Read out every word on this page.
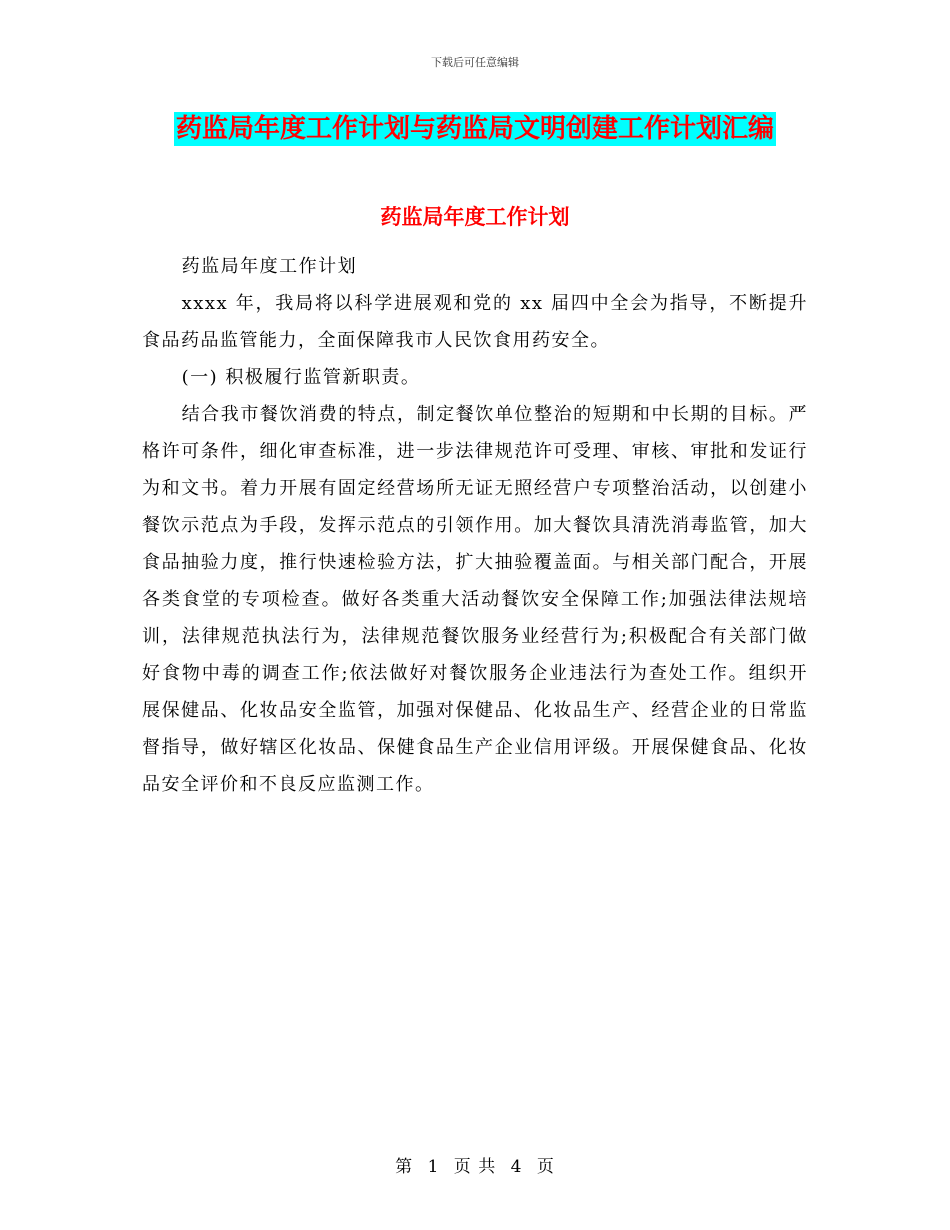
下载后可任意编辑
药监局年度工作计划与药监局文明创建工作计划汇编
药监局年度工作计划

药监局年度工作计划

xxxx 年，我局将以科学进展观和党的 xx 届四中全会为指导，不断提升食品药品监管能力，全面保障我市人民饮食用药安全。

(一) 积极履行监管新职责。

结合我市餐饮消费的特点，制定餐饮单位整治的短期和中长期的目标。严格许可条件，细化审查标准，进一步法律规范许可受理、审核、审批和发证行为和文书。着力开展有固定经营场所无证无照经营户专项整治活动，以创建小餐饮示范点为手段，发挥示范点的引领作用。加大餐饮具清洗消毒监管，加大食品抽验力度，推行快速检验方法，扩大抽验覆盖面。与相关部门配合，开展各类食堂的专项检查。做好各类重大活动餐饮安全保障工作;加强法律法规培训，法律规范执法行为，法律规范餐饮服务业经营行为;积极配合有关部门做好食物中毒的调查工作;依法做好对餐饮服务企业违法行为查处工作。组织开展保健品、化妆品安全监管，加强对保健品、化妆品生产、经营企业的日常监督指导，做好辖区化妆品、保健食品生产企业信用评级。开展保健食品、化妆品安全评价和不良反应监测工作。

第 1 页 共 4 页
